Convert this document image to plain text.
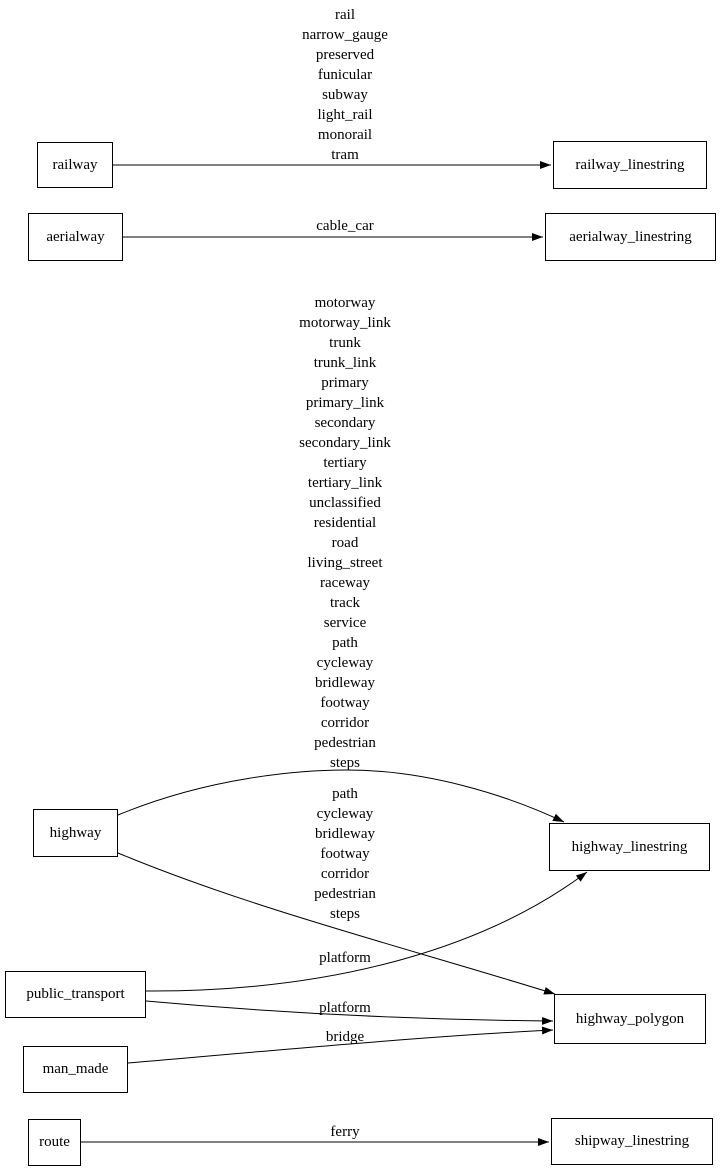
railway	railway_linestring
aerialway	aerialway_linestring
highway
highway_linestring
public_transport
highway_polygon
man_made
route	shipway_linestring
rail
narrow_gauge
preserved
funicular
subway
light_rail
monorail
tram
cable_car
motorway
motorway_link
trunk
trunk_link
primary
primary_link
secondary
secondary_link
tertiary
tertiary_link
unclassified
residential
road
living_street
raceway
track
service
path
cycleway
bridleway
footway
corridor
pedestrian
steps
path
cycleway
bridleway
footway
corridor
pedestrian
steps
platform
platform
bridge
ferry
